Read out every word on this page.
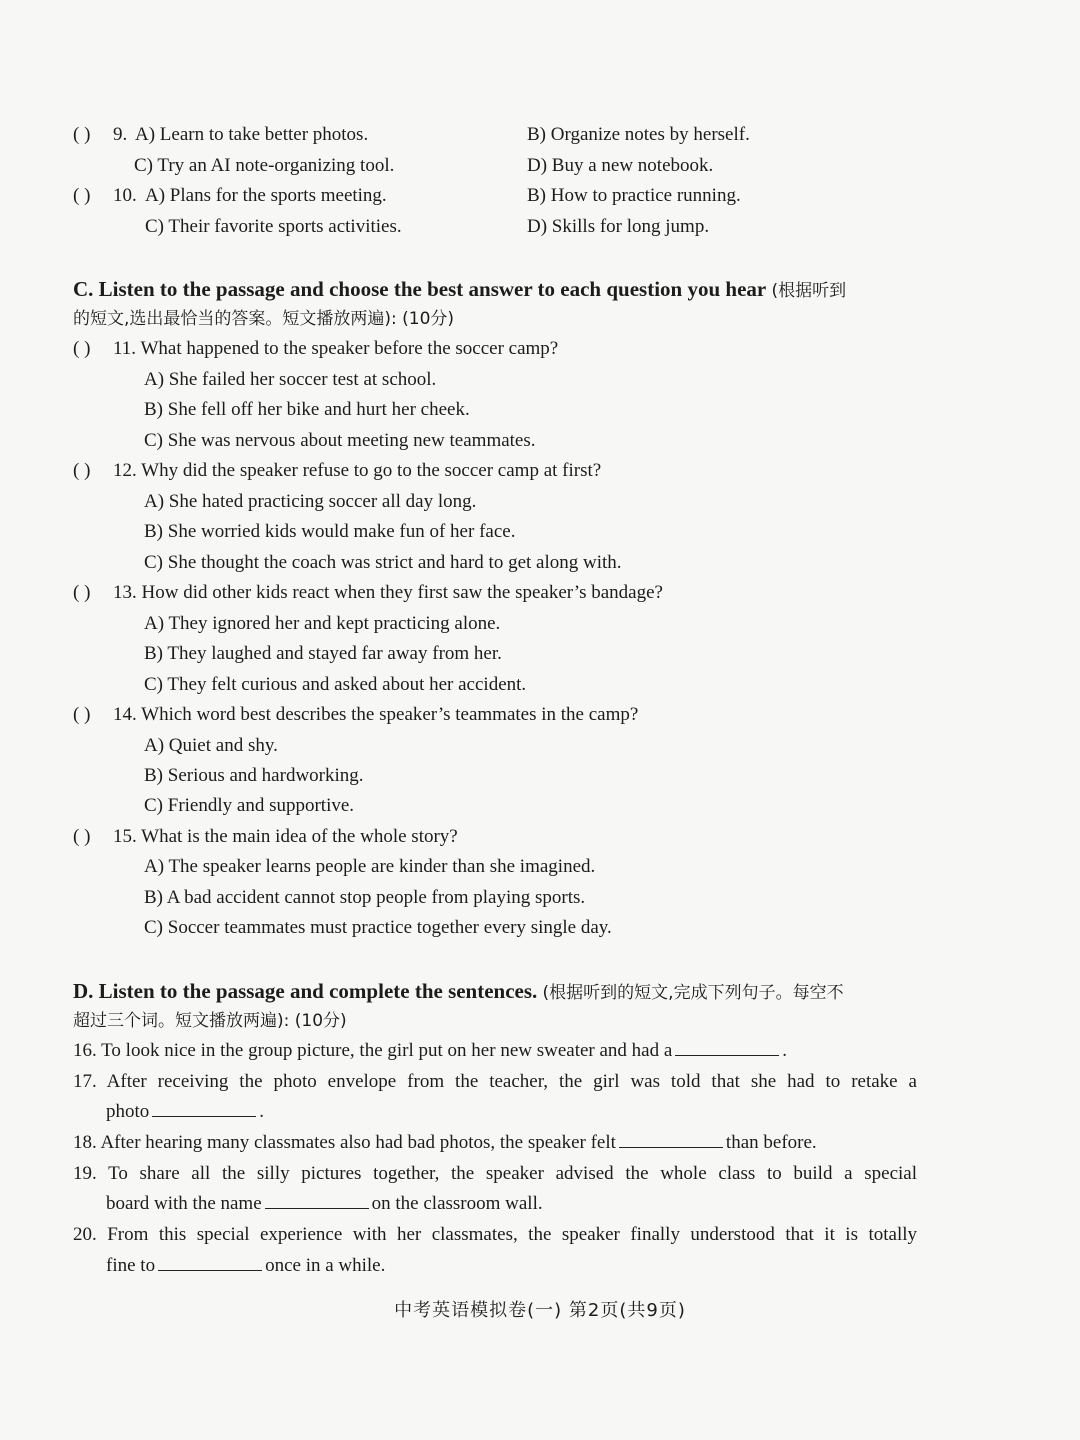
( ) 9. A) Learn to take better photos.	B) Organize notes by herself.
C) Try an AI note-organizing tool.	D) Buy a new notebook.
( ) 10. A) Plans for the sports meeting.	B) How to practice running.
C) Their favorite sports activities.	D) Skills for long jump.
C. Listen to the passage and choose the best answer to each question you hear (根据听到
的短文,选出最恰当的答案。短文播放两遍): (10分)
( ) 11. What happened to the speaker before the soccer camp?
A) She failed her soccer test at school.
B) She fell off her bike and hurt her cheek.
C) She was nervous about meeting new teammates.
( ) 12. Why did the speaker refuse to go to the soccer camp at first?
A) She hated practicing soccer all day long.
B) She worried kids would make fun of her face.
C) She thought the coach was strict and hard to get along with.
( ) 13. How did other kids react when they first saw the speaker’s bandage?
A) They ignored her and kept practicing alone.
B) They laughed and stayed far away from her.
C) They felt curious and asked about her accident.
( ) 14. Which word best describes the speaker’s teammates in the camp?
A) Quiet and shy.
B) Serious and hardworking.
C) Friendly and supportive.
( ) 15. What is the main idea of the whole story?
A) The speaker learns people are kinder than she imagined.
B) A bad accident cannot stop people from playing sports.
C) Soccer teammates must practice together every single day.
D. Listen to the passage and complete the sentences. (根据听到的短文,完成下列句子。每空不
超过三个词。短文播放两遍): (10分)
16. To look nice in the group picture, the girl put on her new sweater and had a	.
17. After receiving the photo envelope from the teacher, the girl was told that she had to retake a
photo	.
18. After hearing many classmates also had bad photos, the speaker felt	than before.
19. To share all the silly pictures together, the speaker advised the whole class to build a special
board with the name	on the classroom wall.
20. From this special experience with her classmates, the speaker finally understood that it is totally
fine to	once in a while.
中考英语模拟卷(一) 第2页(共9页)
